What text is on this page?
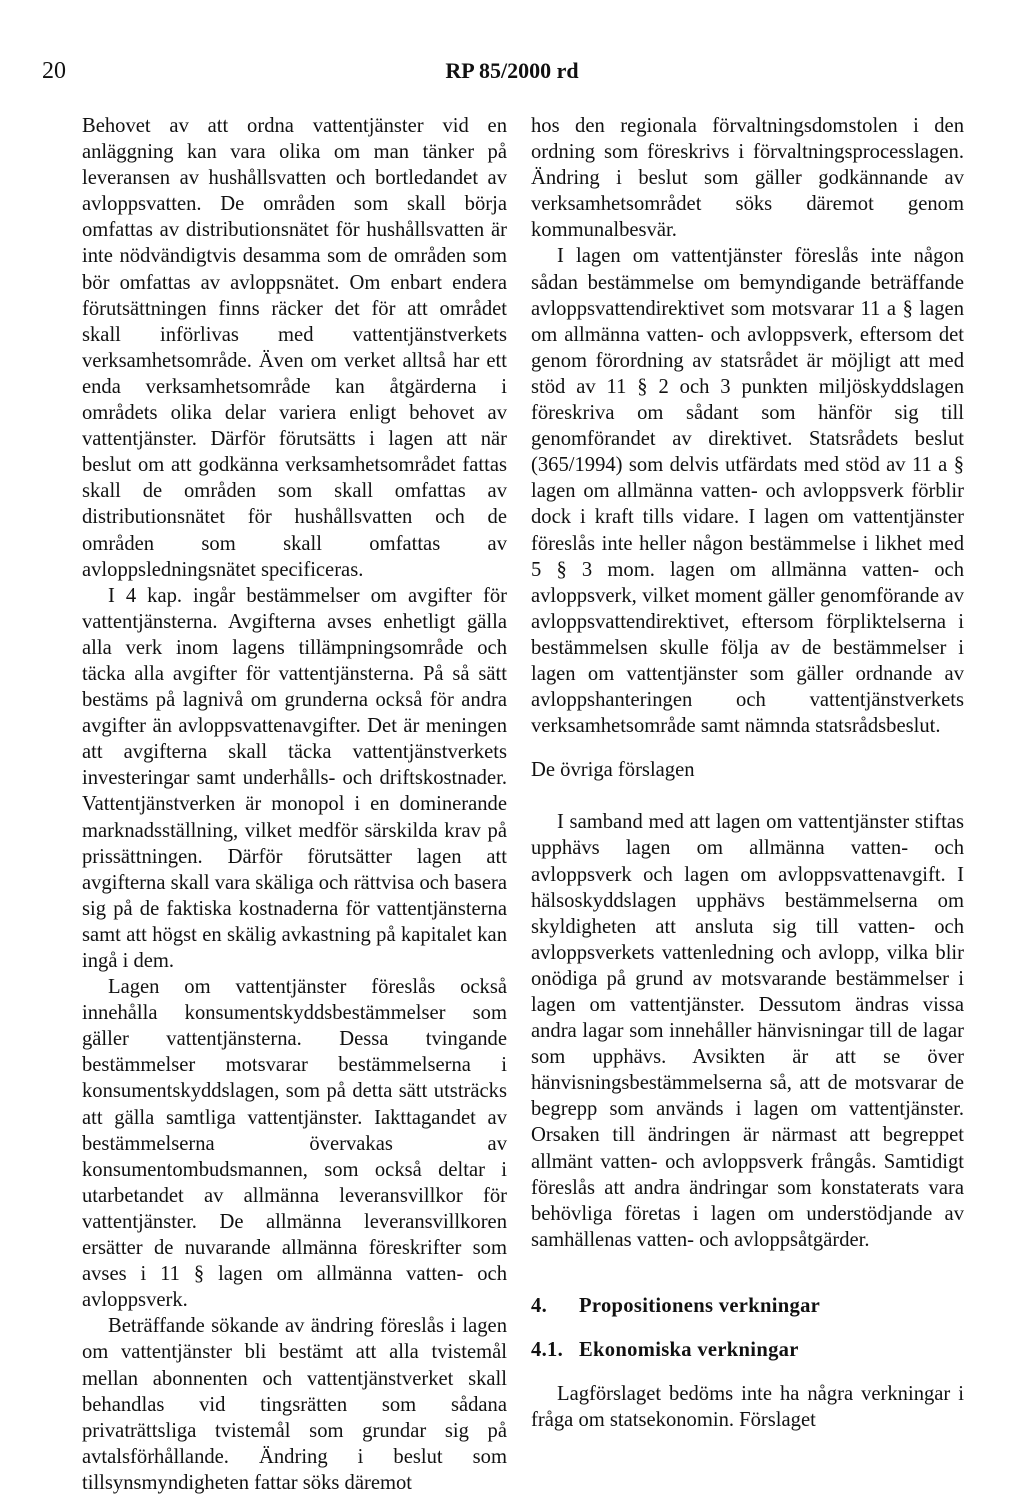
20	RP 85/2000 rd

Behovet av att ordna vattentjänster vid en anläggning kan vara olika om man tänker på leveransen av hushållsvatten och bortledandet av avloppsvatten. De områden som skall börja omfattas av distributionsnätet för hushållsvatten är inte nödvändigtvis desamma som de områden som bör omfattas av avloppsnätet. Om enbart endera förutsättningen finns räcker det för att området skall införlivas med vattentjänstverkets verksamhetsområde. Även om verket alltså har ett enda verksamhetsområde kan åtgärderna i områdets olika delar variera enligt behovet av vattentjänster. Därför förutsätts i lagen att när beslut om att godkänna verksamhetsområdet fattas skall de områden som skall omfattas av distributionsnätet för hushållsvatten och de områden som skall omfattas av avloppsledningsnätet specificeras.

I 4 kap. ingår bestämmelser om avgifter för vattentjänsterna. Avgifterna avses enhetligt gälla alla verk inom lagens tillämpningsområde och täcka alla avgifter för vattentjänsterna. På så sätt bestäms på lagnivå om grunderna också för andra avgifter än avloppsvattenavgifter. Det är meningen att avgifterna skall täcka vattentjänstverkets investeringar samt underhålls- och driftskostnader. Vattentjänstverken är monopol i en dominerande marknadsställning, vilket medför särskilda krav på prissättningen. Därför förutsätter lagen att avgifterna skall vara skäliga och rättvisa och basera sig på de faktiska kostnaderna för vattentjänsterna samt att högst en skälig avkastning på kapitalet kan ingå i dem.

Lagen om vattentjänster föreslås också innehålla konsumentskyddsbestämmelser som gäller vattentjänsterna. Dessa tvingande bestämmelser motsvarar bestämmelserna i konsumentskyddslagen, som på detta sätt utsträcks att gälla samtliga vattentjänster. Iakttagandet av bestämmelserna övervakas av konsumentombudsmannen, som också deltar i utarbetandet av allmänna leveransvillkor för vattentjänster. De allmänna leveransvillkoren ersätter de nuvarande allmänna föreskrifter som avses i 11 § lagen om allmänna vatten- och avloppsverk.

Beträffande sökande av ändring föreslås i lagen om vattentjänster bli bestämt att alla tvistemål mellan abonnenten och vattentjänstverket skall behandlas vid tingsrätten som sådana privaträttsliga tvistemål som grundar sig på avtalsförhållande. Ändring i beslut som tillsynsmyndigheten fattar söks däremot

hos den regionala förvaltningsdomstolen i den ordning som föreskrivs i förvaltningsprocesslagen. Ändring i beslut som gäller godkännande av verksamhetsområdet söks däremot genom kommunalbesvär.

I lagen om vattentjänster föreslås inte någon sådan bestämmelse om bemyndigande beträffande avloppsvattendirektivet som motsvarar 11 a § lagen om allmänna vatten- och avloppsverk, eftersom det genom förordning av statsrådet är möjligt att med stöd av 11 § 2 och 3 punkten miljöskyddslagen föreskriva om sådant som hänför sig till genomförandet av direktivet. Statsrådets beslut (365/1994) som delvis utfärdats med stöd av 11 a § lagen om allmänna vatten- och avloppsverk förblir dock i kraft tills vidare. I lagen om vattentjänster föreslås inte heller någon bestämmelse i likhet med 5 § 3 mom. lagen om allmänna vatten- och avloppsverk, vilket moment gäller genomförande av avloppsvattendirektivet, eftersom förpliktelserna i bestämmelsen skulle följa av de bestämmelser i lagen om vattentjänster som gäller ordnande av avloppshanteringen och vattentjänstverkets verksamhetsområde samt nämnda statsrådsbeslut.

De övriga förslagen

I samband med att lagen om vattentjänster stiftas upphävs lagen om allmänna vatten- och avloppsverk och lagen om avloppsvattenavgift. I hälsoskyddslagen upphävs bestämmelserna om skyldigheten att ansluta sig till vatten- och avloppsverkets vattenledning och avlopp, vilka blir onödiga på grund av motsvarande bestämmelser i lagen om vattentjänster. Dessutom ändras vissa andra lagar som innehåller hänvisningar till de lagar som upphävs. Avsikten är att se över hänvisningsbestämmelserna så, att de motsvarar de begrepp som används i lagen om vattentjänster. Orsaken till ändringen är närmast att begreppet allmänt vatten- och avloppsverk frångås. Samtidigt föreslås att andra ändringar som konstaterats vara behövliga företas i lagen om understödjande av samhällenas vatten- och avloppsåtgärder.

4. Propositionens verkningar
4.1. Ekonomiska verkningar

Lagförslaget bedöms inte ha några verkningar i fråga om statsekonomin. Förslaget
